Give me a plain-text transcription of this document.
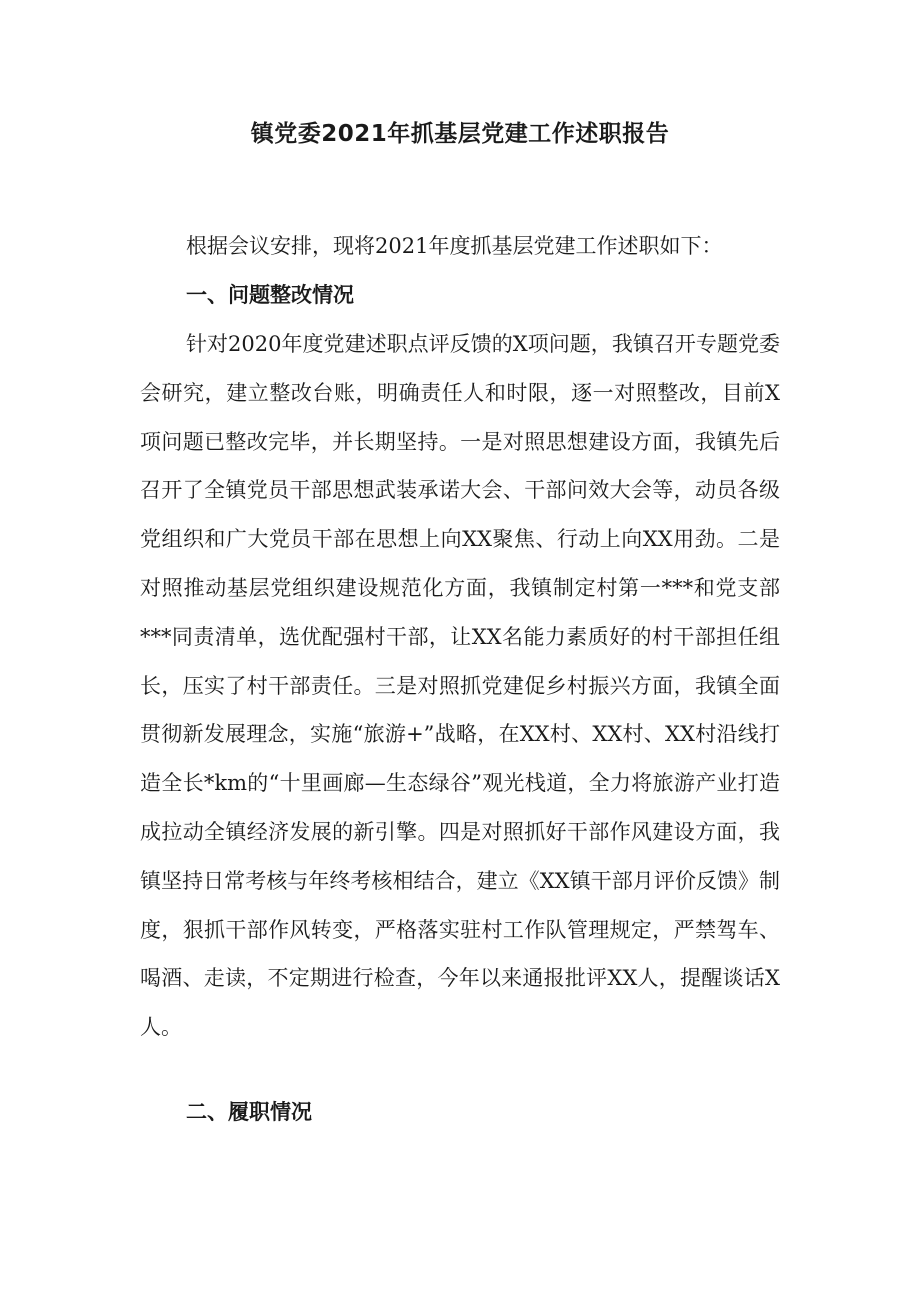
镇党委2021年抓基层党建工作述职报告

根据会议安排，现将2021年度抓基层党建工作述职如下：

一、问题整改情况

针对2020年度党建述职点评反馈的X项问题，我镇召开专题党委会研究，建立整改台账，明确责任人和时限，逐一对照整改，目前X项问题已整改完毕，并长期坚持。一是对照思想建设方面，我镇先后召开了全镇党员干部思想武装承诺大会、干部问效大会等，动员各级党组织和广大党员干部在思想上向XX聚焦、行动上向XX用劲。二是对照推动基层党组织建设规范化方面，我镇制定村第一***和党支部***同责清单，选优配强村干部，让XX名能力素质好的村干部担任组长，压实了村干部责任。三是对照抓党建促乡村振兴方面，我镇全面贯彻新发展理念，实施“旅游+”战略，在XX村、XX村、XX村沿线打造全长*km的“十里画廊—生态绿谷”观光栈道，全力将旅游产业打造成拉动全镇经济发展的新引擎。四是对照抓好干部作风建设方面，我镇坚持日常考核与年终考核相结合，建立《XX镇干部月评价反馈》制度，狠抓干部作风转变，严格落实驻村工作队管理规定，严禁驾车、喝酒、走读，不定期进行检查，今年以来通报批评XX人，提醒谈话X人。

二、履职情况
